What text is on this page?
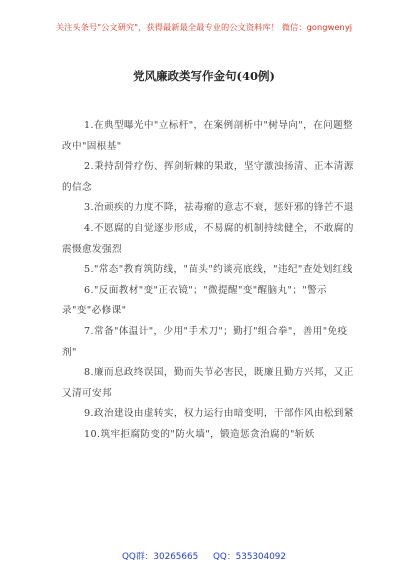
关注头条号"公文研究"，获得最新最全最专业的公文资料库！ 微信：gongwenyj
党风廉政类写作金句(40例)

1.在典型曝光中"立标杆"，在案例剖析中"树导向"，在问题整改中"固根基"

2.秉持刮骨疗伤、挥剑斩棘的果敢，坚守激浊扬清、正本清源的信念

3.治顽疾的力度不降，祛毒瘤的意志不衰，惩奸邪的锋芒不退

4.不愿腐的自觉逐步形成，不易腐的机制持续健全，不敢腐的震慑愈发强烈

5."常态"教育筑防线，"苗头"约谈亮底线，"违纪"查处划红线

6."反面教材"变"正衣镜"；"微提醒"变"醒脑丸"；"警示录"变"必修课"

7.常备"体温计"，少用"手术刀"；勤打"组合拳"，善用"免疫剂"

8.廉而息政终误国，勤而失节必害民，既廉且勤方兴邦，又正又清可安邦

9.政治建设由虚转实，权力运行由暗变明，干部作风由松到紧

10.筑牢拒腐防变的"防火墙"，锻造惩贪治腐的"斩妖

QQ群：30265665 QQ：535304092
